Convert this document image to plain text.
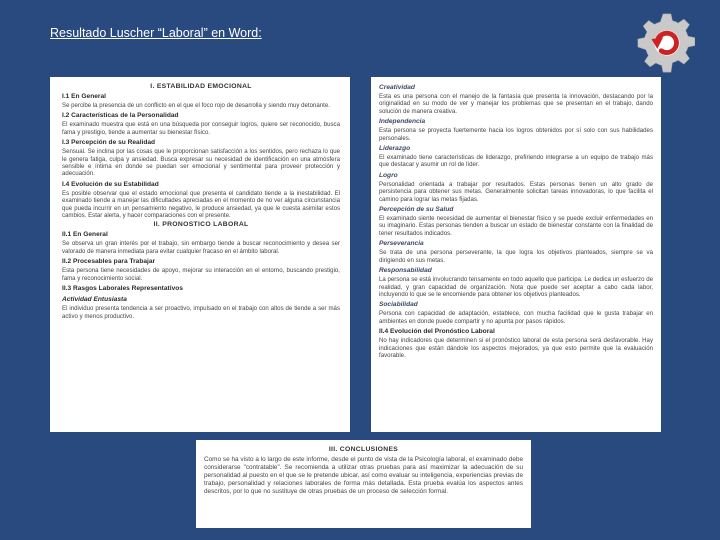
Resultado Luscher “Laboral” en Word:
I. ESTABILIDAD EMOCIONAL
I.1 En General
Se percibe la presencia de un conflicto en el que el foco rojo de desarrolla y siendo muy detonante.
I.2 Características de la Personalidad
El examinado muestra que está en una búsqueda por conseguir logros, quiere ser reconocido, busca fama y prestigio, tiende a aumentar su bienestar físico.
I.3 Percepción de su Realidad
Sensual. Se inclina por las cosas que le proporcionan satisfacción a los sentidos, pero rechaza lo que le genera fatiga, culpa y ansiedad. Busca expresar su necesidad de identificación en una atmósfera sensible e íntima en donde se puedan ser emocional y sentimental para proveer protección y adecuación.
I.4 Evolución de su Estabilidad
Es posible observar que el estado emocional que presenta el candidato tiende a la inestabilidad. El examinado tiende a manejar las dificultades apreciadas en el momento de no ver alguna circunstancia que pueda incurrir en un pensamiento negativo, le produce ansiedad, ya que le cuesta asimilar estos cambios. Estar alerta, y hacer comparaciones con el presente.
II. PRONOSTICO LABORAL
II.1 En General
Se observa un gran interés por el trabajo, sin embargo tiende a buscar reconocimiento y desea ser valorado de manera inmediata para evitar cualquier fracaso en el ámbito laboral.
II.2 Procesables para Trabajar
Esta persona tiene necesidades de apoyo, mejorar su interacción en el entorno, buscando prestigio, fama y reconocimiento social.
II.3 Rasgos Laborales Representativos
Actividad Entusiasta
El individuo presenta tendencia a ser proactivo, impulsado en el trabajo con altos de tiende a ser más activo y menos productivo.
Creatividad
Esta es una persona con el manejo de la fantasía que presenta la innovación, destacando por la originalidad en su modo de ver y manejar los problemas que se presentan en el trabajo, dando solución de manera creativa.
Independencia
Esta persona se proyecta fuertemente hacia los logros obtenidos por sí solo con sus habilidades personales.
Liderazgo
El examinado tiene características de liderazgo, prefiriendo integrarse a un equipo de trabajo más que destacar y asumir un rol de líder.
Logro
Personalidad orientada a trabajar por resultados. Estas personas tienen un alto grado de persistencia para obtener sus metas. Generalmente solicitan tareas innovadoras, lo que facilita el camino para lograr las metas fijadas.
Percepción de su Salud
El examinado siente necesidad de aumentar el bienestar físico y se puede excluir enfermedades en su imaginario. Estas personas tienden a buscar un estado de bienestar constante con la finalidad de tener resultados indicados.
Perseverancia
Se trata de una persona perseverante, la que logra los objetivos planteados, siempre se va dirigiendo en sus metas.
Responsabilidad
La persona se está involucrando tensamente en todo aquello que participa. Le dedica un esfuerzo de realidad, y gran capacidad de organización. Nota que puede ser aceptar a cabo cada labor, incluyendo lo que se le encomiende para obtener los objetivos planteados.
Sociabilidad
Persona con capacidad de adaptación, establece, con mucha facilidad que le gusta trabajar en ambientes en donde puede compartir y no apunta por pasos rápidos.
II.4 Evolución del Pronóstico Laboral
No hay indicadores que determinen si el pronóstico laboral de esta persona será desfavorable. Hay indicaciones que están dándole los aspectos mejorados, ya que esto permite que la evaluación favorable.
III. CONCLUSIONES
Como se ha visto a lo largo de este informe, desde el punto de vista de la Psicología laboral, el examinado debe considerarse "contratable". Se recomienda a utilizar otras pruebas para así maximizar la adecuación de su personalidad al puesto en el que se le pretende ubicar, así como evaluar su inteligencia, experiencias previas de trabajo, personalidad y relaciones laborales de forma más detallada. Esta prueba evalúa los aspectos antes descritos, por lo que no sustituye de otras pruebas de un proceso de selección formal.
